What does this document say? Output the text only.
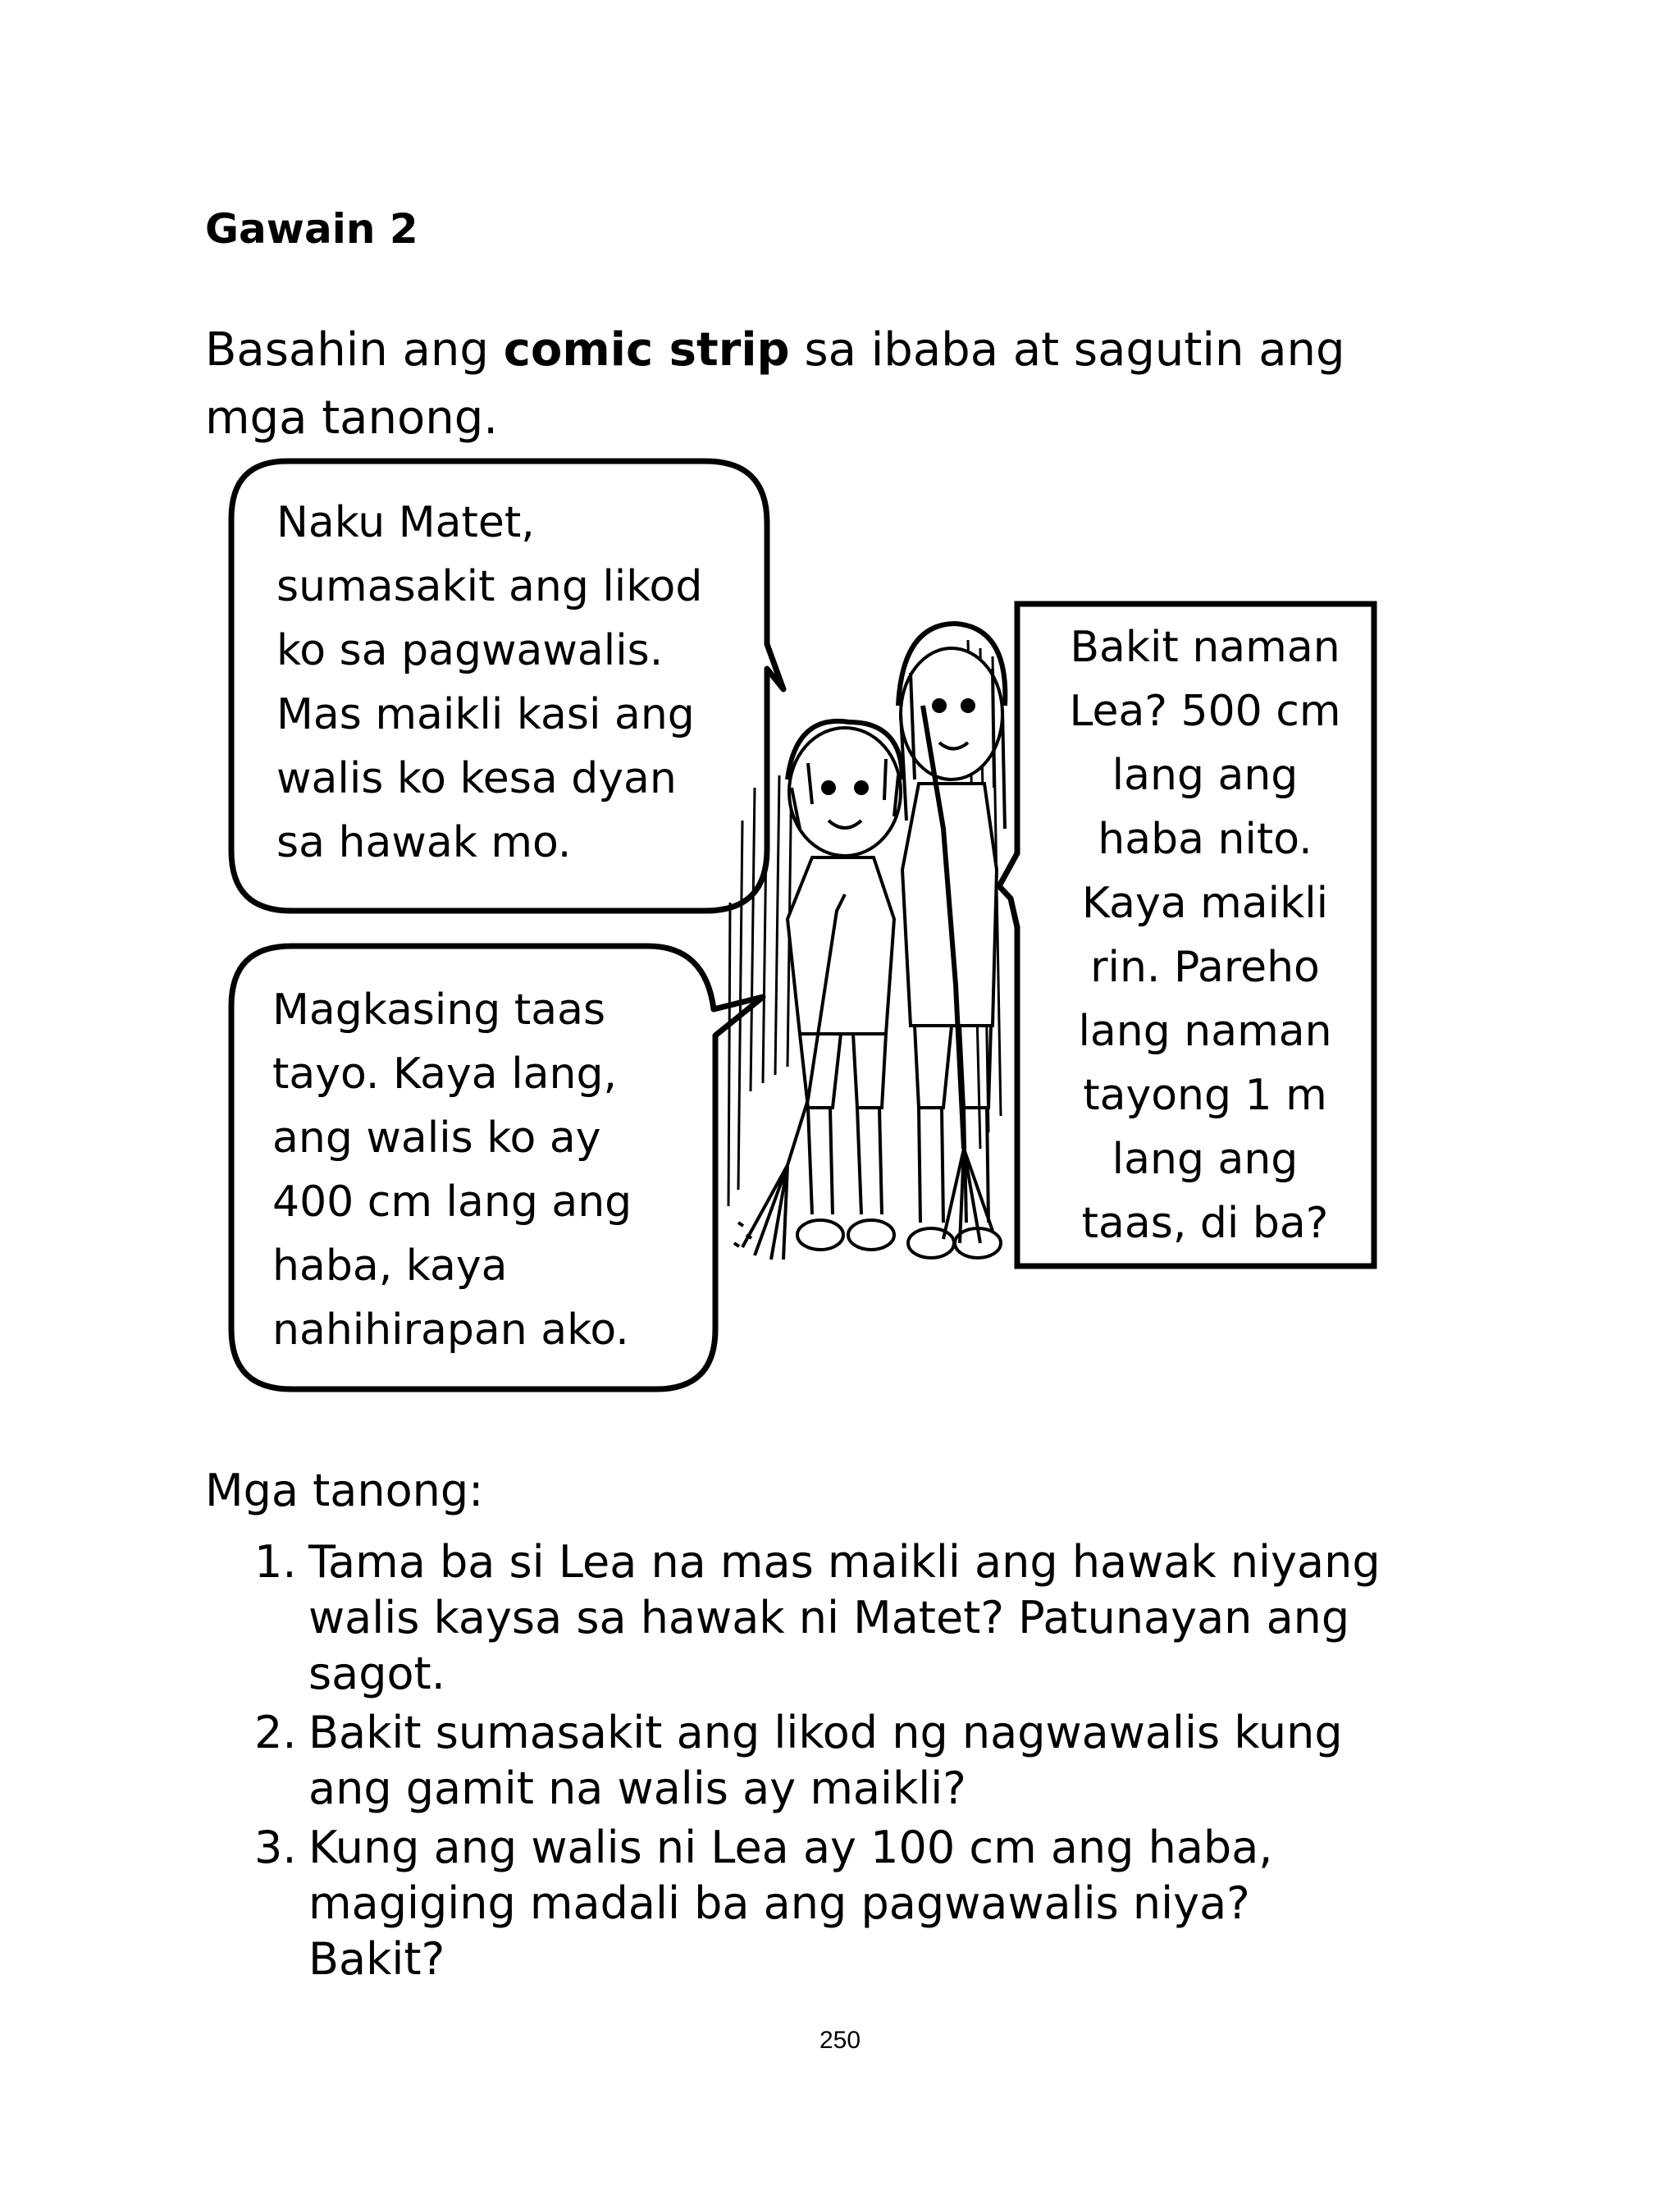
Gawain 2

Basahin ang comic strip sa ibaba at sagutin ang mga tanong.

Naku Matet,
sumasakit ang likod
ko sa pagwawalis.
Mas maikli kasi ang
walis ko kesa dyan
sa hawak mo.
Magkasing taas
tayo. Kaya lang,
ang walis ko ay
400 cm lang ang
haba, kaya
nahihirapan ako.
Bakit naman
Lea? 500 cm
lang ang
haba nito.
Kaya maikli
rin. Pareho
lang naman
tayong 1 m
lang ang
taas, di ba?

Mga tanong:

1. Tama ba si Lea na mas maikli ang hawak niyang
walis kaysa sa hawak ni Matet? Patunayan ang
sagot.
2. Bakit sumasakit ang likod ng nagwawalis kung
ang gamit na walis ay maikli?
3. Kung ang walis ni Lea ay 100 cm ang haba,
magiging madali ba ang pagwawalis niya?
Bakit?
250
